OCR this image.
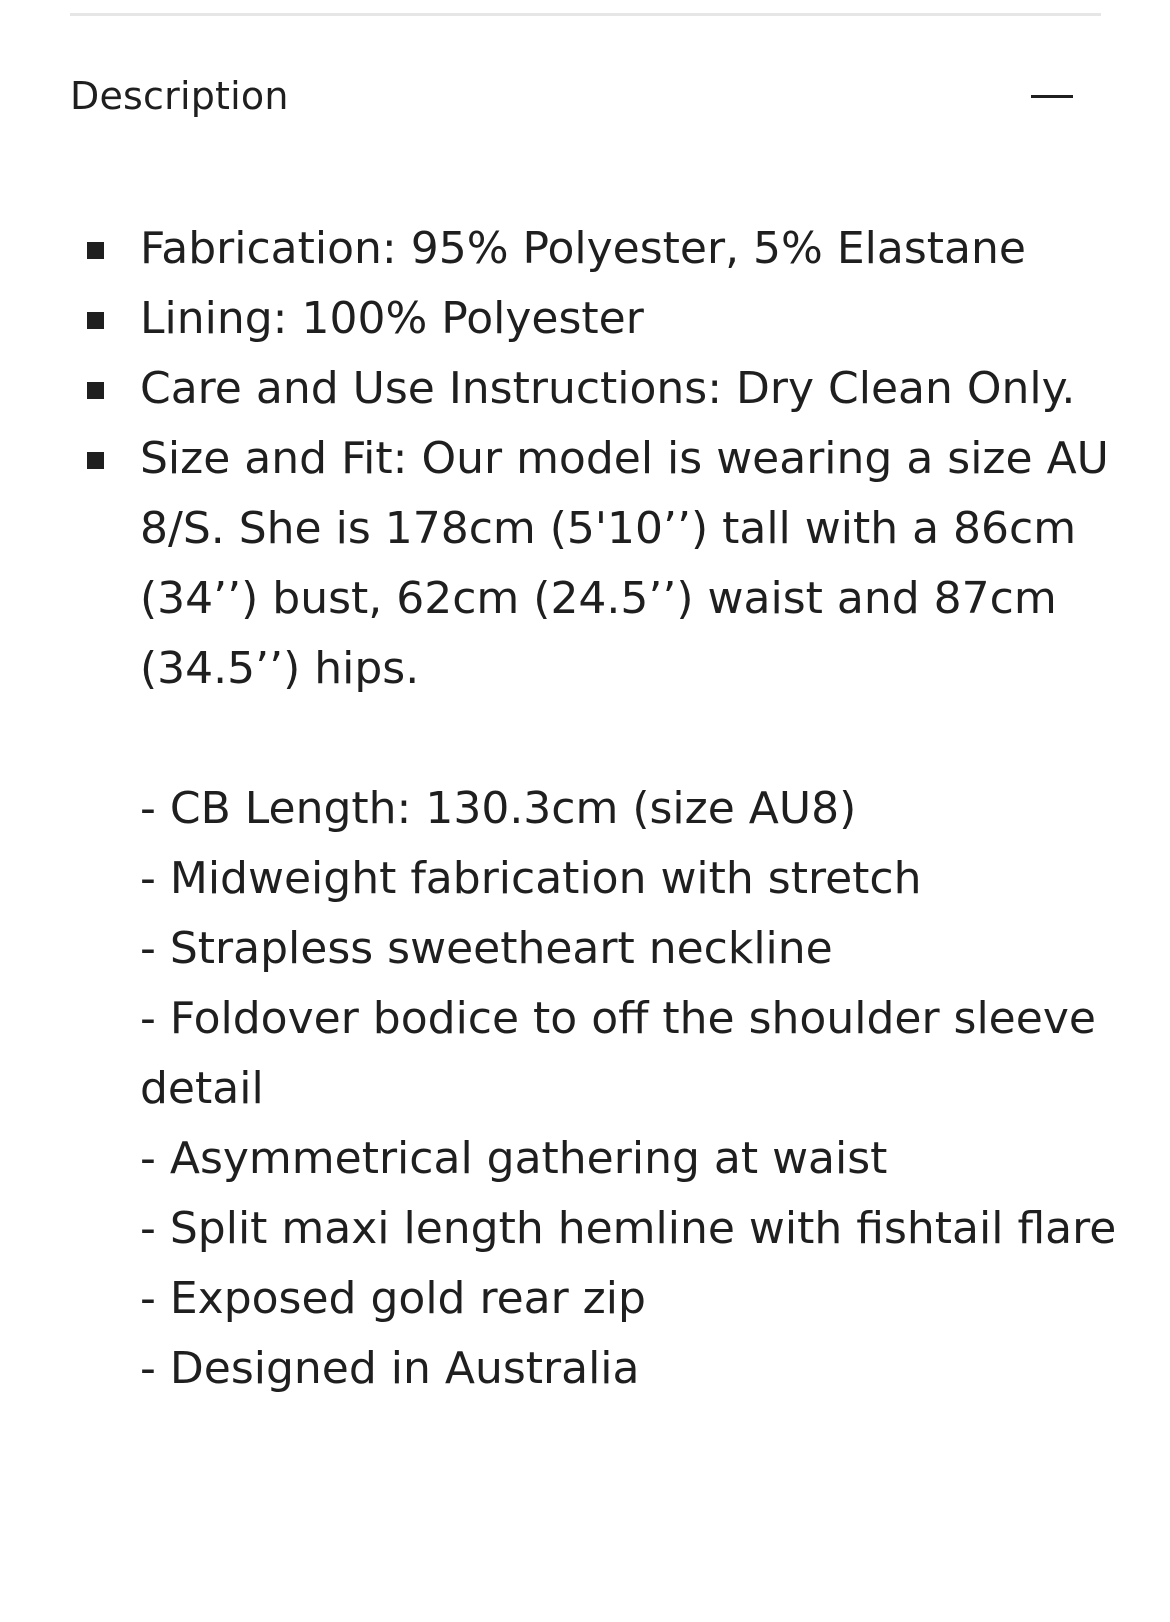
Description
Fabrication: 95% Polyester, 5% Elastane
Lining: 100% Polyester
Care and Use Instructions: Dry Clean Only.
Size and Fit: Our model is wearing a size AU 8/S. She is 178cm (5'10’’) tall with a 86cm (34’’) bust, 62cm (24.5’’) waist and 87cm (34.5’’) hips.
- CB Length: 130.3cm (size AU8)
- Midweight fabrication with stretch
- Strapless sweetheart neckline
- Foldover bodice to off the shoulder sleeve detail
- Asymmetrical gathering at waist
- Split maxi length hemline with fishtail flare
- Exposed gold rear zip
- Designed in Australia
